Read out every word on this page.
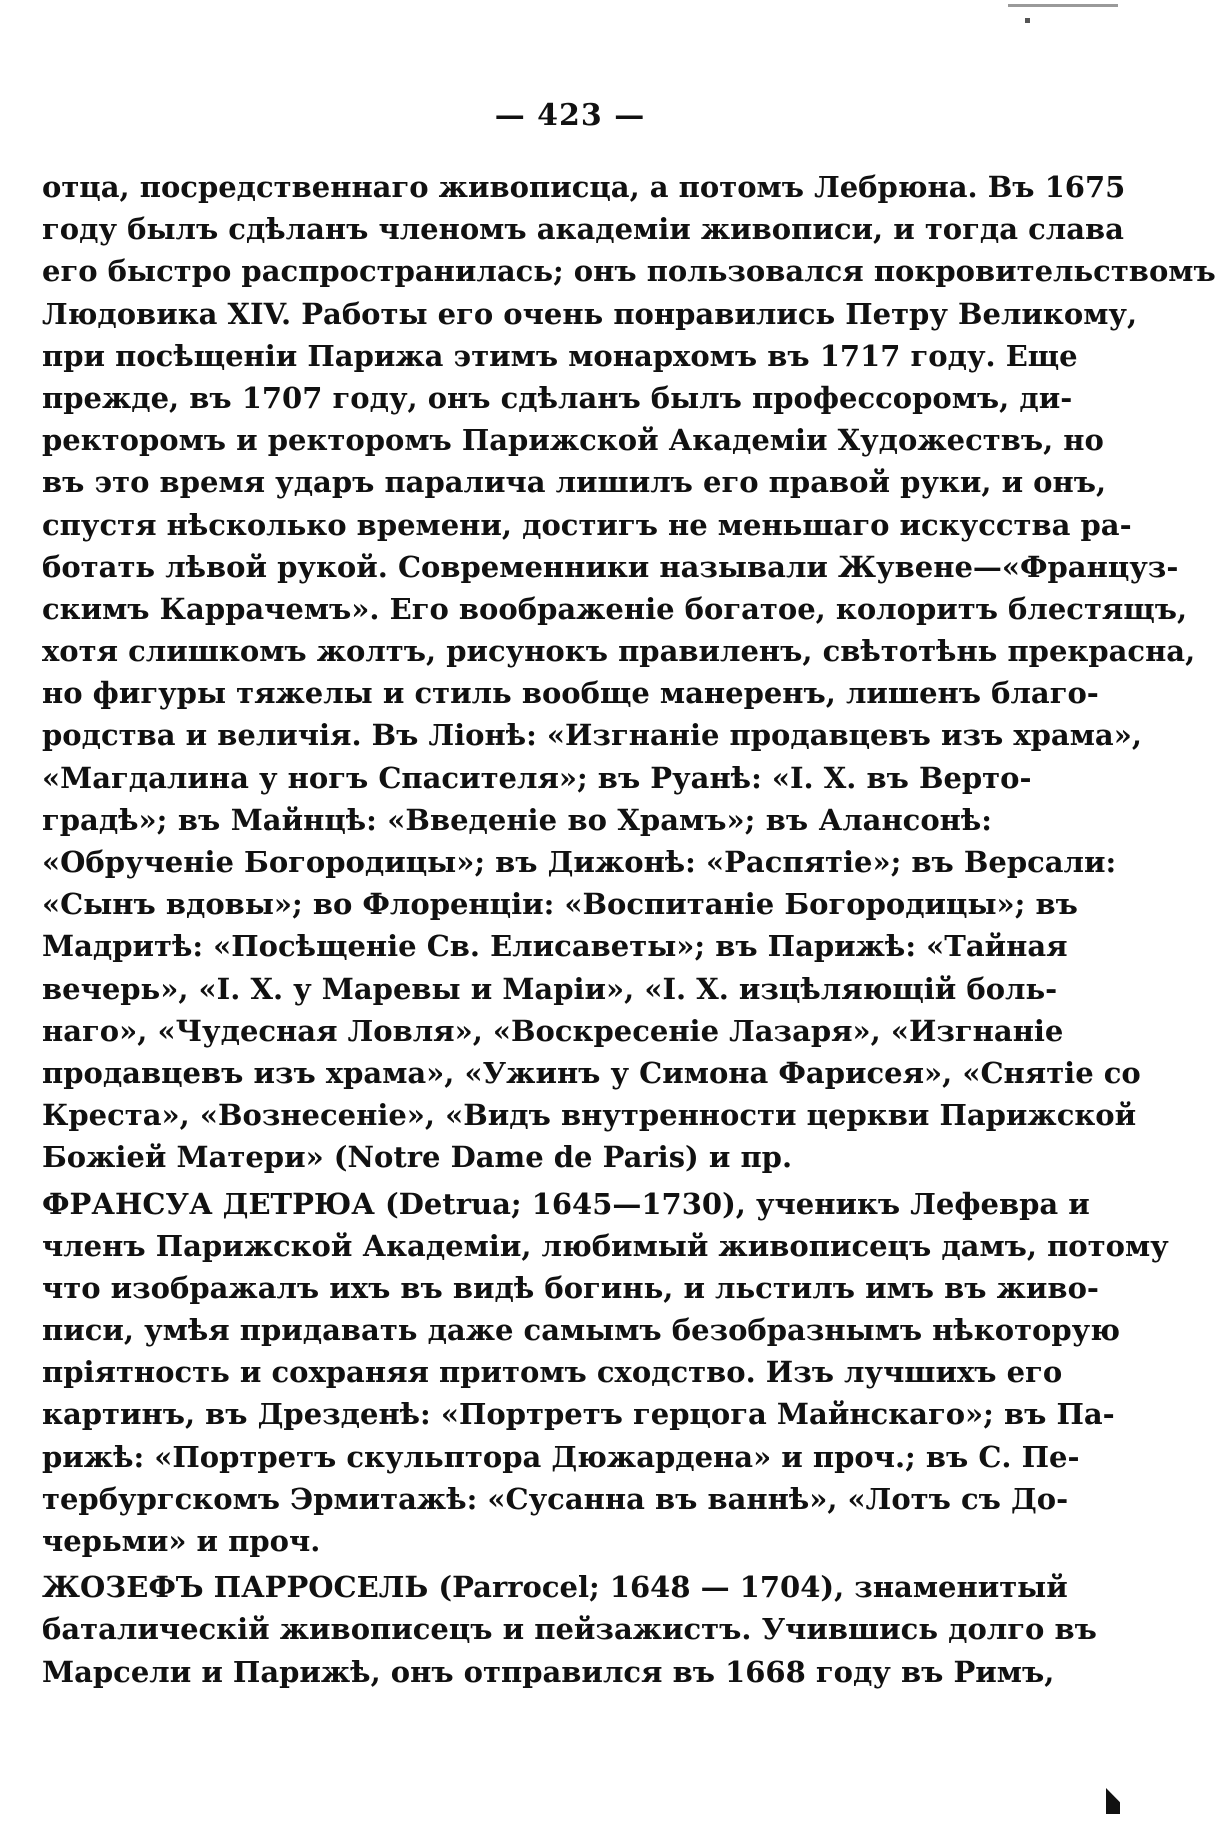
— 423 —
отца, посредственнаго живописца, а потомъ Лебрюна. Въ 1675
году былъ сдѣланъ членомъ академіи живописи, и тогда слава
его быстро распространилась; онъ пользовался покровительствомъ
Людовика XIV. Работы его очень понравились Петру Великому,
при посѣщеніи Парижа этимъ монархомъ въ 1717 году. Еще
прежде, въ 1707 году, онъ сдѣланъ былъ профессоромъ, ди-
ректоромъ и ректоромъ Парижской Академіи Художествъ, но
въ это время ударъ паралича лишилъ его правой руки, и онъ,
спустя нѣсколько времени, достигъ не меньшаго искусства ра-
ботать лѣвой рукой. Современники называли Жувене—«Француз-
скимъ Каррачемъ». Его воображеніе богатое, колоритъ блестящъ,
хотя слишкомъ жолтъ, рисунокъ правиленъ, свѣтотѣнь прекрасна,
но фигуры тяжелы и стиль вообще манеренъ, лишенъ благо-
родства и величія. Въ Ліонѣ: «Изгнаніе продавцевъ изъ храма»,
«Магдалина у ногъ Спасителя»; въ Руанѣ: «І. Х. въ Верто-
градѣ»; въ Майнцѣ: «Введеніе во Храмъ»; въ Алансонѣ:
«Обрученіе Богородицы»; въ Дижонѣ: «Распятіе»; въ Версали:
«Сынъ вдовы»; во Флоренціи: «Воспитаніе Богородицы»; въ
Мадритѣ: «Посѣщеніе Св. Елисаветы»; въ Парижѣ: «Тайная
вечерь», «І. Х. у Маревы и Маріи», «І. Х. изцѣляющій боль-
наго», «Чудесная Ловля», «Воскресеніе Лазаря», «Изгнаніе
продавцевъ изъ храма», «Ужинъ у Симона Фарисея», «Снятіе со
Креста», «Вознесеніе», «Видъ внутренности церкви Парижской
Божіей Матери» (Notre Dame de Paris) и пр.
ФРАНСУА ДЕТРЮА (Detrua; 1645—1730), ученикъ Лефевра и
членъ Парижской Академіи, любимый живописецъ дамъ, потому
что изображалъ ихъ въ видѣ богинь, и льстилъ имъ въ живо-
писи, умѣя придавать даже самымъ безобразнымъ нѣкоторую
пріятность и сохраняя притомъ сходство. Изъ лучшихъ его
картинъ, въ Дрезденѣ: «Портретъ герцога Майнскаго»; въ Па-
рижѣ: «Портретъ скульптора Дюжардена» и проч.; въ С. Пе-
тербургскомъ Эрмитажѣ: «Сусанна въ ваннѣ», «Лотъ съ До-
черьми» и проч.
ЖОЗЕФЪ ПАРРОСЕЛЬ (Parrocel; 1648 — 1704), знаменитый
баталическій живописецъ и пейзажистъ. Учившись долго въ
Марсели и Парижѣ, онъ отправился въ 1668 году въ Римъ,
